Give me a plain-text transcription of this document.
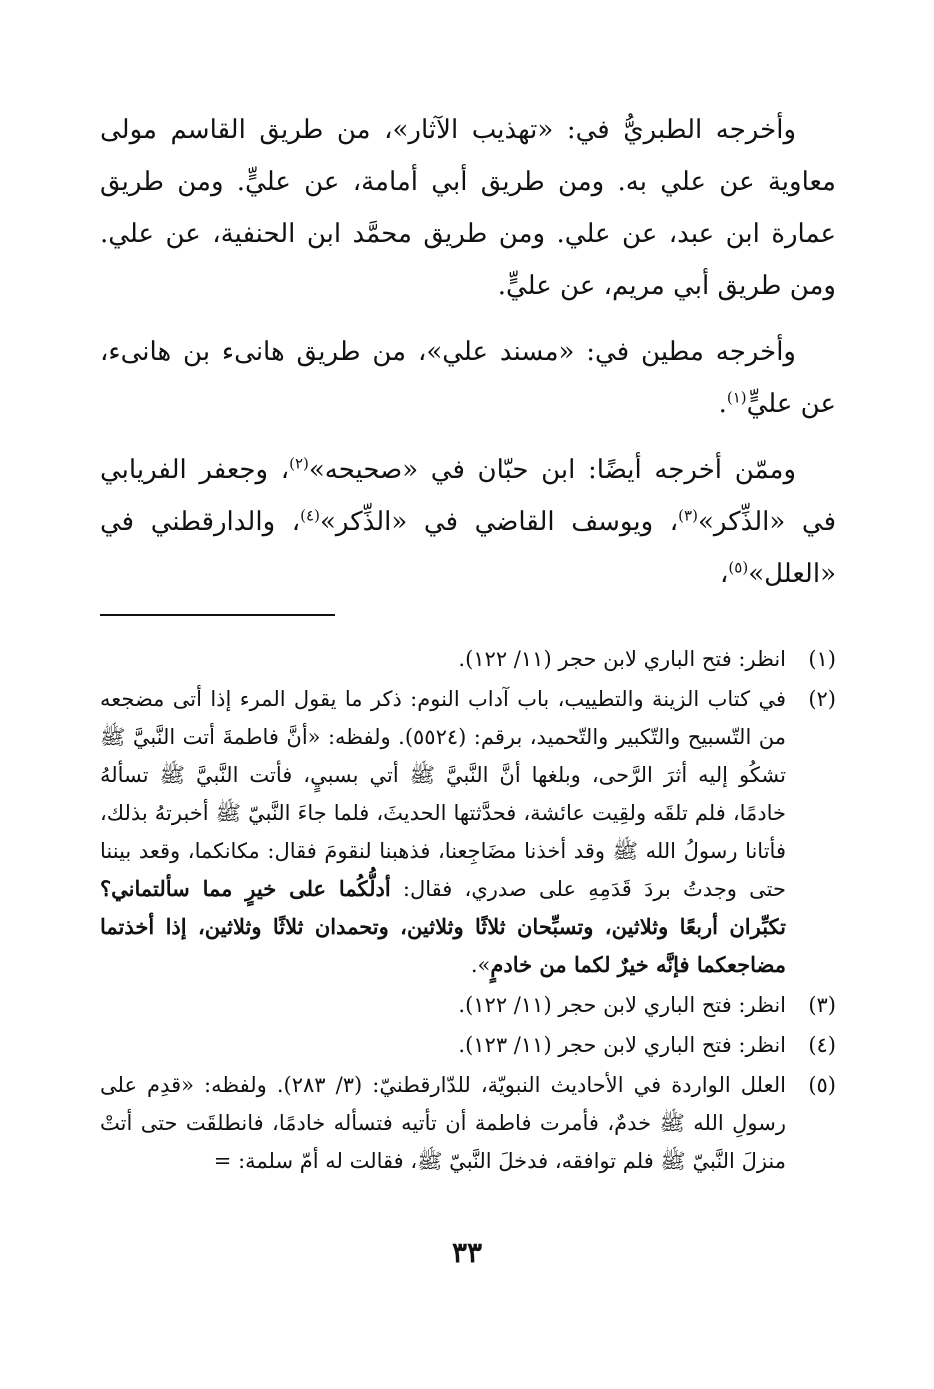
وأخرجه الطبريُّ في: «تهذيب الآثار»، من طريق القاسم مولى معاوية عن علي به. ومن طريق أبي أمامة، عن عليٍّ. ومن طريق عمارة ابن عبد، عن علي. ومن طريق محمَّد ابن الحنفية، عن علي. ومن طريق أبي مريم، عن عليٍّ.

وأخرجه مطين في: «مسند علي»، من طريق هانىء بن هانىء، عن عليٍّ$^{(١)}$.

وممّن أخرجه أيضًا: ابن حبّان في «صحيحه»$^{(٢)}$، وجعفر الفريابي في «الذِّكر»$^{(٣)}$، ويوسف القاضي في «الذِّكر»$^{(٤)}$، والدارقطني في «العلل»$^{(٥)}$،

(١)
انظر: فتح الباري لابن حجر (١١/ ١٢٢).
(٢)
في كتاب الزينة والتطييب، باب آداب النوم: ذكر ما يقول المرء إذا أتى مضجعه من التّسبيح والتّكبير والتّحميد، برقم: (٥٥٢٤). ولفظه: «أنَّ فاطمةَ أتت النَّبيَّ ﷺ تشكُو إليه أثرَ الرَّحى، وبلغها أنَّ النَّبيَّ ﷺ أتي بسبيٍ، فأتت النَّبيَّ ﷺ تسألهُ خادمًا، فلم تلقَه ولقِيت عائشة، فحدَّثتها الحديثَ، فلما جاءَ النَّبيّ ﷺ أخبرتهُ بذلك، فأتانا رسولُ الله ﷺ وقد أخذنا مضَاجِعنا، فذهبنا لنقومَ فقال: مكانكما، وقعد بيننا حتى وجدتُ بردَ قَدَمِهِ على صدري، فقال: أدلُّكُما على خيرٍ مما سألتماني؟ تكبِّران أربعًا وثلاثين، وتسبِّحان ثلاثًا وثلاثين، وتحمدان ثلاثًا وثلاثين، إذا أخذتما مضاجعكما فإنَّه خيرٌ لكما من خادمٍ».
(٣)
انظر: فتح الباري لابن حجر (١١/ ١٢٢).
(٤)
انظر: فتح الباري لابن حجر (١١/ ١٢٣).
(٥)
العلل الواردة في الأحاديث النبويّة، للدّارقطنيّ: (٣/ ٢٨٣). ولفظه: «قدِم على رسولِ الله ﷺ خدمٌ، فأمرت فاطمة أن تأتيه فتسأله خادمًا، فانطلقَت حتى أتتْ منزلَ النَّبيّ ﷺ فلم توافقه، فدخلَ النَّبيّ ﷺ، فقالت له أمّ سلمة: =
٣٣
